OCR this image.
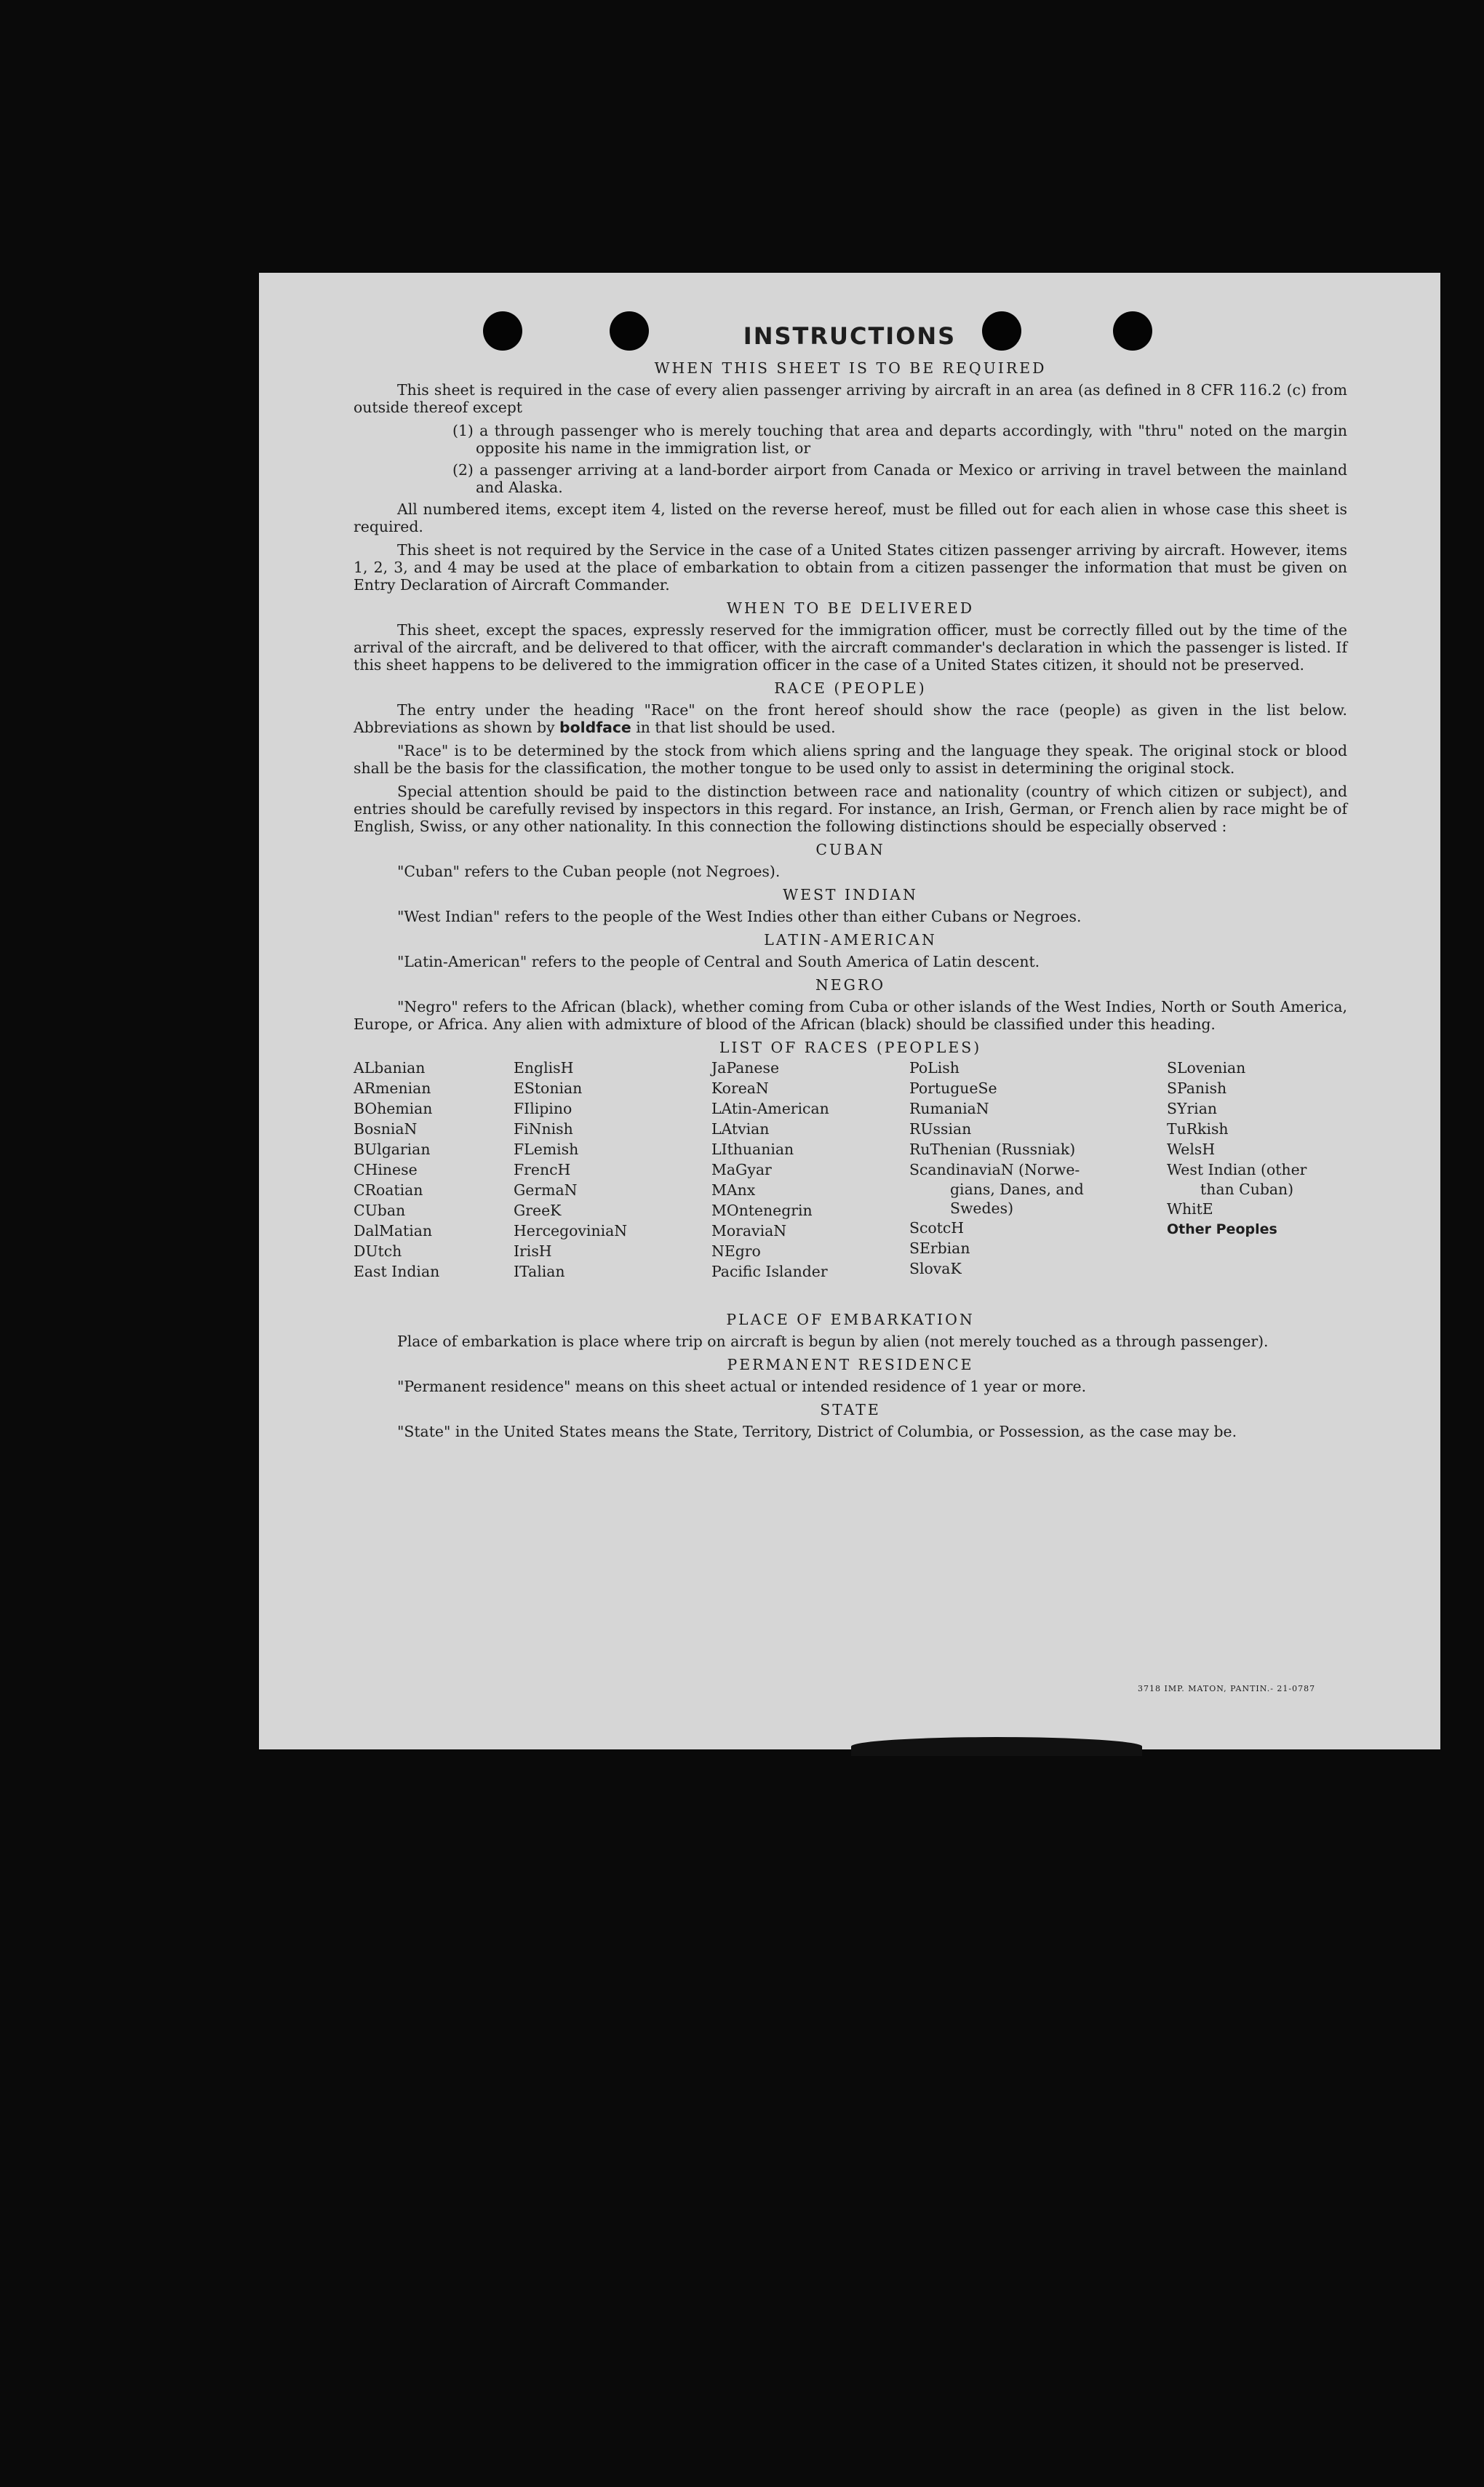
INSTRUCTIONS
WHEN THIS SHEET IS TO BE REQUIRED

This sheet is required in the case of every alien passenger arriving by aircraft in an area (as defined in 8 CFR 116.2 (c) from outside thereof except

(1) a through passenger who is merely touching that area and departs accordingly, with "thru" noted on the margin opposite his name in the immigration list, or

(2) a passenger arriving at a land-border airport from Canada or Mexico or arriving in travel between the mainland and Alaska.

All numbered items, except item 4, listed on the reverse hereof, must be filled out for each alien in whose case this sheet is required.

This sheet is not required by the Service in the case of a United States citizen passenger arriving by aircraft. However, items 1, 2, 3, and 4 may be used at the place of embarkation to obtain from a citizen passenger the information that must be given on Entry Declaration of Aircraft Commander.

WHEN TO BE DELIVERED

This sheet, except the spaces, expressly reserved for the immigration officer, must be correctly filled out by the time of the arrival of the aircraft, and be delivered to that officer, with the aircraft commander's declaration in which the passenger is listed. If this sheet happens to be delivered to the immigration officer in the case of a United States citizen, it should not be preserved.

RACE (PEOPLE)

The entry under the heading "Race" on the front hereof should show the race (people) as given in the list below. Abbreviations as shown by boldface in that list should be used.

"Race" is to be determined by the stock from which aliens spring and the language they speak. The original stock or blood shall be the basis for the classification, the mother tongue to be used only to assist in determining the original stock.

Special attention should be paid to the distinction between race and nationality (country of which citizen or subject), and entries should be carefully revised by inspectors in this regard. For instance, an Irish, German, or French alien by race might be of English, Swiss, or any other nationality. In this connection the following distinctions should be especially observed :

CUBAN

"Cuban" refers to the Cuban people (not Negroes).

WEST INDIAN

"West Indian" refers to the people of the West Indies other than either Cubans or Negroes.

LATIN-AMERICAN

"Latin-American" refers to the people of Central and South America of Latin descent.

NEGRO

"Negro" refers to the African (black), whether coming from Cuba or other islands of the West Indies, North or South America, Europe, or Africa. Any alien with admixture of blood of the African (black) should be classified under this heading.

LIST OF RACES (PEOPLES)
ALbanian
ARmenian
BOhemian
BosniaN
BUlgarian
CHinese
CRoatian
CUban
DalMatian
DUtch
East Indian
EnglisH
EStonian
FIlipino
FiNnish
FLemish
FrencH
GermaN
GreeK
HercegoviniaN
IrisH
ITalian
JaPanese
KoreaN
LAtin-American
LAtvian
LIthuanian
MaGyar
MAnx
MOntenegrin
MoraviaN
NEgro
Pacific Islander
PoLish
PortugueSe
RumaniaN
RUssian
RuThenian (Russniak)
ScandinaviaN (Norwe-
gians, Danes, and Swedes)
ScotcH
SErbian
SlovaK
SLovenian
SPanish
SYrian
TuRkish
WelsH
West Indian (other
than Cuban)
WhitE
Other Peoples
PLACE OF EMBARKATION

Place of embarkation is place where trip on aircraft is begun by alien (not merely touched as a through passenger).

PERMANENT RESIDENCE

"Permanent residence" means on this sheet actual or intended residence of 1 year or more.

STATE

"State" in the United States means the State, Territory, District of Columbia, or Possession, as the case may be.

3718 IMP. MATON, PANTIN.- 21-0787
